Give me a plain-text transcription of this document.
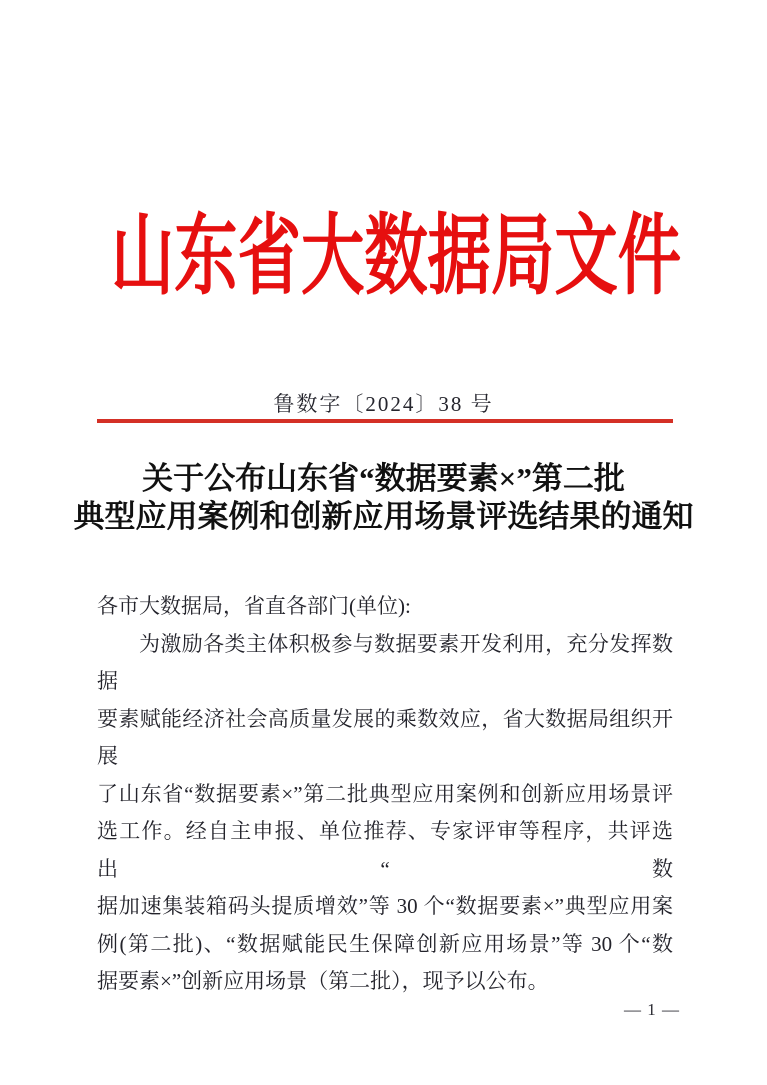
山东省大数据局文件
鲁数字〔2024〕38 号
关于公布山东省“数据要素×”第二批
典型应用案例和创新应用场景评选结果的通知
各市大数据局，省直各部门(单位):
为激励各类主体积极参与数据要素开发利用，充分发挥数据
要素赋能经济社会高质量发展的乘数效应，省大数据局组织开展
了山东省“数据要素×”第二批典型应用案例和创新应用场景评
选工作。经自主申报、单位推荐、专家评审等程序，共评选出“数
据加速集装箱码头提质增效”等 30 个“数据要素×”典型应用案
例(第二批)、“数据赋能民生保障创新应用场景”等 30 个“数
据要素×”创新应用场景（第二批），现予以公布。
— 1 —
